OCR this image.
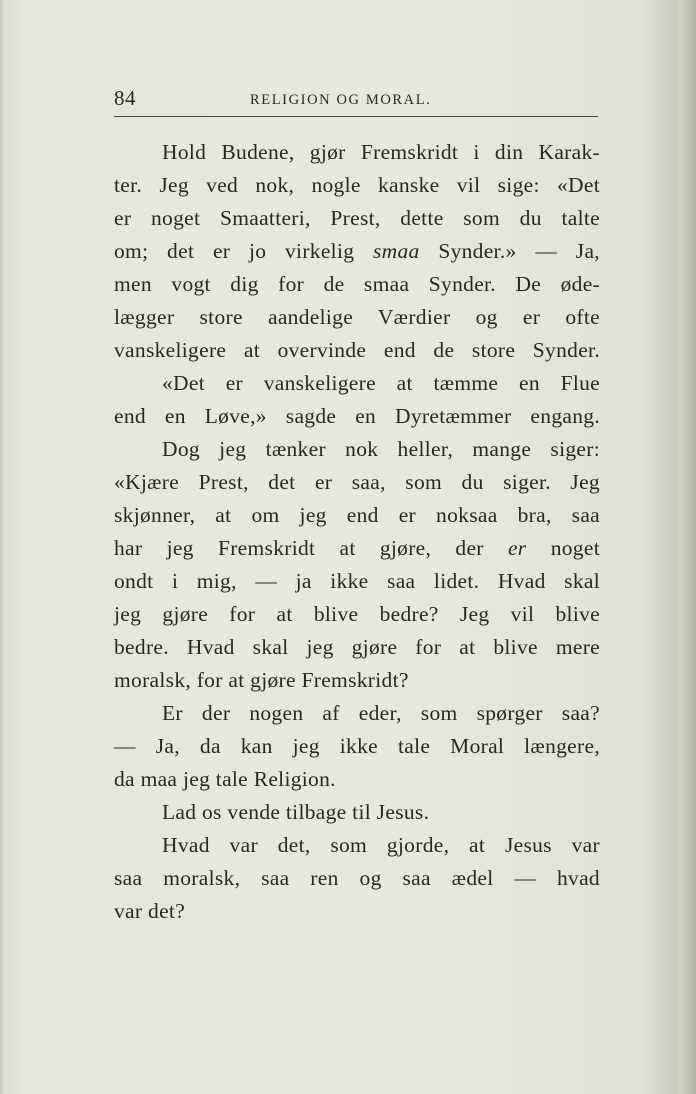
84	RELIGION OG MORAL.
Hold Budene, gjør Fremskridt i din Karak-
ter. Jeg ved nok, nogle kanske vil sige: «Det
er noget Smaatteri, Prest, dette som du talte
om; det er jo virkelig smaa Synder.» — Ja,
men vogt dig for de smaa Synder. De øde-
lægger store aandelige Værdier og er ofte
vanskeligere at overvinde end de store Synder.
«Det er vanskeligere at tæmme en Flue
end en Løve,» sagde en Dyretæmmer engang.
Dog jeg tænker nok heller, mange siger:
«Kjære Prest, det er saa, som du siger. Jeg
skjønner, at om jeg end er noksaa bra, saa
har jeg Fremskridt at gjøre, der er noget
ondt i mig, — ja ikke saa lidet. Hvad skal
jeg gjøre for at blive bedre? Jeg vil blive
bedre. Hvad skal jeg gjøre for at blive mere
moralsk, for at gjøre Fremskridt?
Er der nogen af eder, som spørger saa?
— Ja, da kan jeg ikke tale Moral længere,
da maa jeg tale Religion.
Lad os vende tilbage til Jesus.
Hvad var det, som gjorde, at Jesus var
saa moralsk, saa ren og saa ædel — hvad
var det?
